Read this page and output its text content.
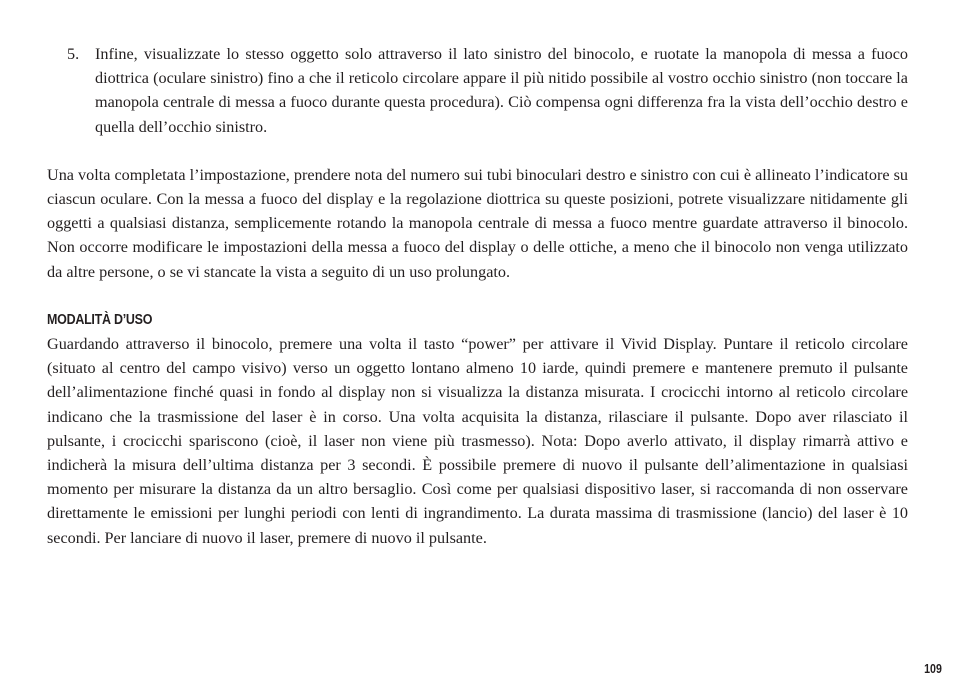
5. Infine, visualizzate lo stesso oggetto solo attraverso il lato sinistro del binocolo, e ruotate la manopola di messa a fuoco diottrica (oculare sinistro) fino a che il reticolo circolare appare il più nitido possibile al vostro occhio sinistro (non toccare la manopola centrale di messa a fuoco durante questa procedura). Ciò compensa ogni differenza fra la vista dell’occhio destro e quella dell’occhio sinistro.

Una volta completata l’impostazione, prendere nota del numero sui tubi binoculari destro e sinistro con cui è allineato l’indicatore su ciascun oculare. Con la messa a fuoco del display e la regolazione diottrica su queste posizioni, potrete visualizzare nitidamente gli oggetti a qualsiasi distanza, semplicemente rotando la manopola centrale di messa a fuoco mentre guardate attraverso il binocolo. Non occorre modificare le impostazioni della messa a fuoco del display o delle ottiche, a meno che il binocolo non venga utilizzato da altre persone, o se vi stancate la vista a seguito di un uso prolungato.

MODALITÀ D’USO

Guardando attraverso il binocolo, premere una volta il tasto “power” per attivare il Vivid Display. Puntare il reticolo circolare (situato al centro del campo visivo) verso un oggetto lontano almeno 10 iarde, quindi premere e mantenere premuto il pulsante dell’alimentazione finché quasi in fondo al display non si visualizza la distanza misurata. I crocicchi intorno al reticolo circolare indicano che la trasmissione del laser è in corso. Una volta acquisita la distanza, rilasciare il pulsante. Dopo aver rilasciato il pulsante, i crocicchi spariscono (cioè, il laser non viene più trasmesso). Nota: Dopo averlo attivato, il display rimarrà attivo e indicherà la misura dell’ultima distanza per 3 secondi. È possibile premere di nuovo il pulsante dell’alimentazione in qualsiasi momento per misurare la distanza da un altro bersaglio. Così come per qualsiasi dispositivo laser, si raccomanda di non osservare direttamente le emissioni per lunghi periodi con lenti di ingrandimento. La durata massima di trasmissione (lancio) del laser è 10 secondi. Per lanciare di nuovo il laser, premere di nuovo il pulsante.

109
